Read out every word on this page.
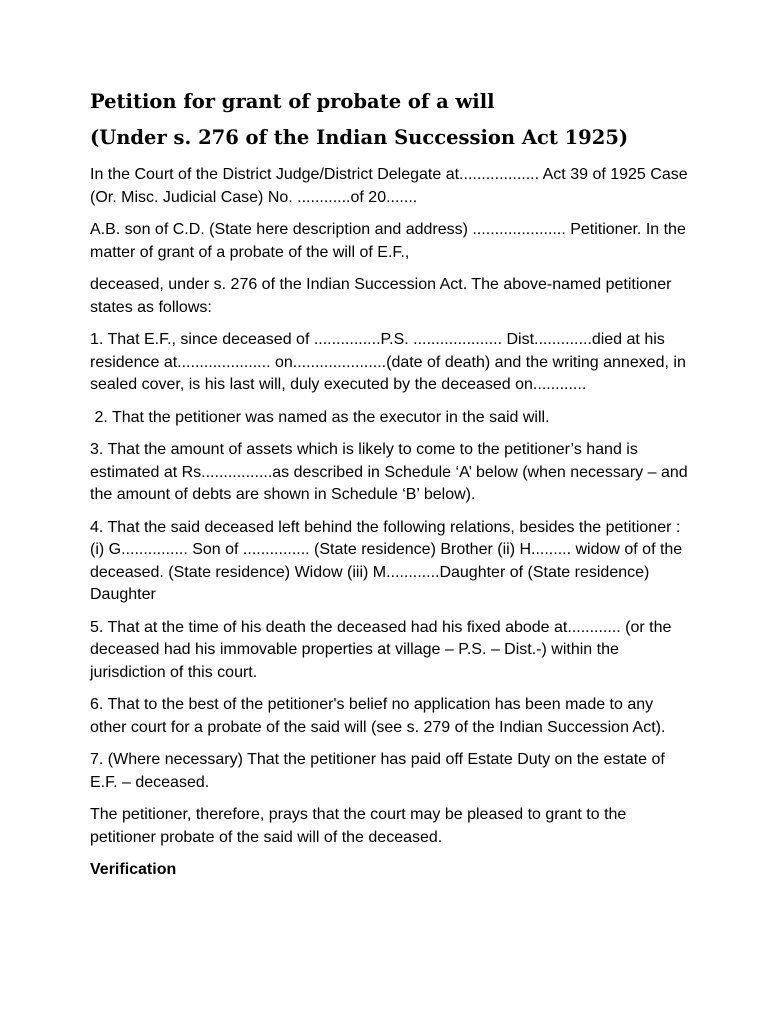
Petition for grant of probate of a will
(Under s. 276 of the Indian Succession Act 1925)

In the Court of the District Judge/District Delegate at.................. Act 39 of 1925 Case (Or. Misc. Judicial Case) No. ............of 20.......

A.B. son of C.D. (State here description and address) ..................... Petitioner. In the matter of grant of a probate of the will of E.F.,

deceased, under s. 276 of the Indian Succession Act. The above-named petitioner states as follows:

1. That E.F., since deceased of ...............P.S. .................... Dist.............died at his residence at..................... on.....................(date of death) and the writing annexed, in sealed cover, is his last will, duly executed by the deceased on............

2. That the petitioner was named as the executor in the said will.

3. That the amount of assets which is likely to come to the petitioner’s hand is estimated at Rs................as described in Schedule ‘A’ below (when necessary – and the amount of debts are shown in Schedule ‘B’ below).

4. That the said deceased left behind the following relations, besides the petitioner : (i) G............... Son of ............... (State residence) Brother (ii) H......... widow of of the deceased. (State residence) Widow (iii) M............Daughter of (State residence) Daughter

5. That at the time of his death the deceased had his fixed abode at............ (or the deceased had his immovable properties at village – P.S. – Dist.-) within the jurisdiction of this court.

6. That to the best of the petitioner's belief no application has been made to any other court for a probate of the said will (see s. 279 of the Indian Succession Act).

7. (Where necessary) That the petitioner has paid off Estate Duty on the estate of E.F. – deceased.

The petitioner, therefore, prays that the court may be pleased to grant to the petitioner probate of the said will of the deceased.

Verification
